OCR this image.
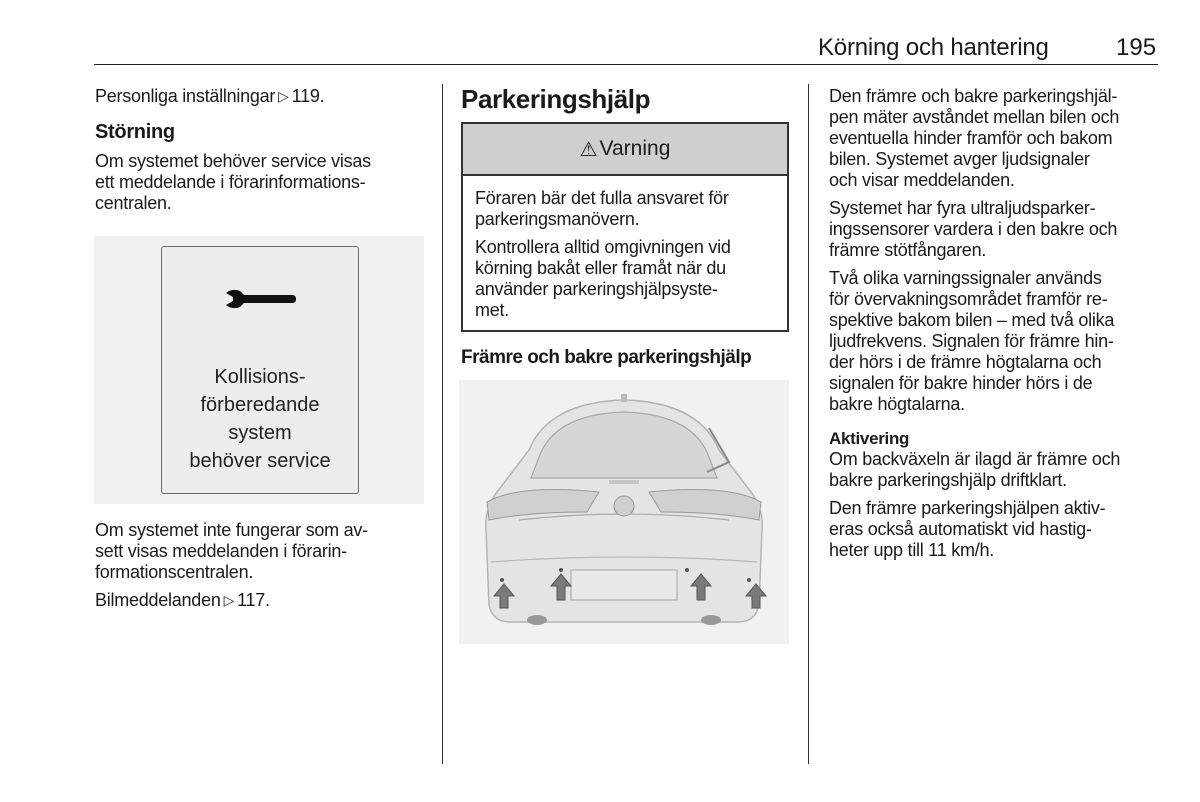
Körning och hantering	195

Personliga inställningar ▷ 119.

Störning

Om systemet behöver service visas
ett meddelande i förarinformations-
centralen.

Kollisions-
förberedande
system
behöver service

Om systemet inte fungerar som av-
sett visas meddelanden i förarin-
formationscentralen.

Bilmeddelanden ▷ 117.

Parkeringshjälp
⚠ Varning

Föraren bär det fulla ansvaret för
parkeringsmanövern.

Kontrollera alltid omgivningen vid
körning bakåt eller framåt när du
använder parkeringshjälpsyste-
met.

Främre och bakre parkeringshjälp

Den främre och bakre parkeringshjäl-
pen mäter avståndet mellan bilen och
eventuella hinder framför och bakom
bilen. Systemet avger ljudsignaler
och visar meddelanden.

Systemet har fyra ultraljudsparker-
ingssensorer vardera i den bakre och
främre stötfångaren.

Två olika varningssignaler används
för övervakningsområdet framför re-
spektive bakom bilen – med två olika
ljudfrekvens. Signalen för främre hin-
der hörs i de främre högtalarna och
signalen för bakre hinder hörs i de
bakre högtalarna.

Aktivering

Om backväxeln är ilagd är främre och
bakre parkeringshjälp driftklart.

Den främre parkeringshjälpen aktiv-
eras också automatiskt vid hastig-
heter upp till 11 km/h.
